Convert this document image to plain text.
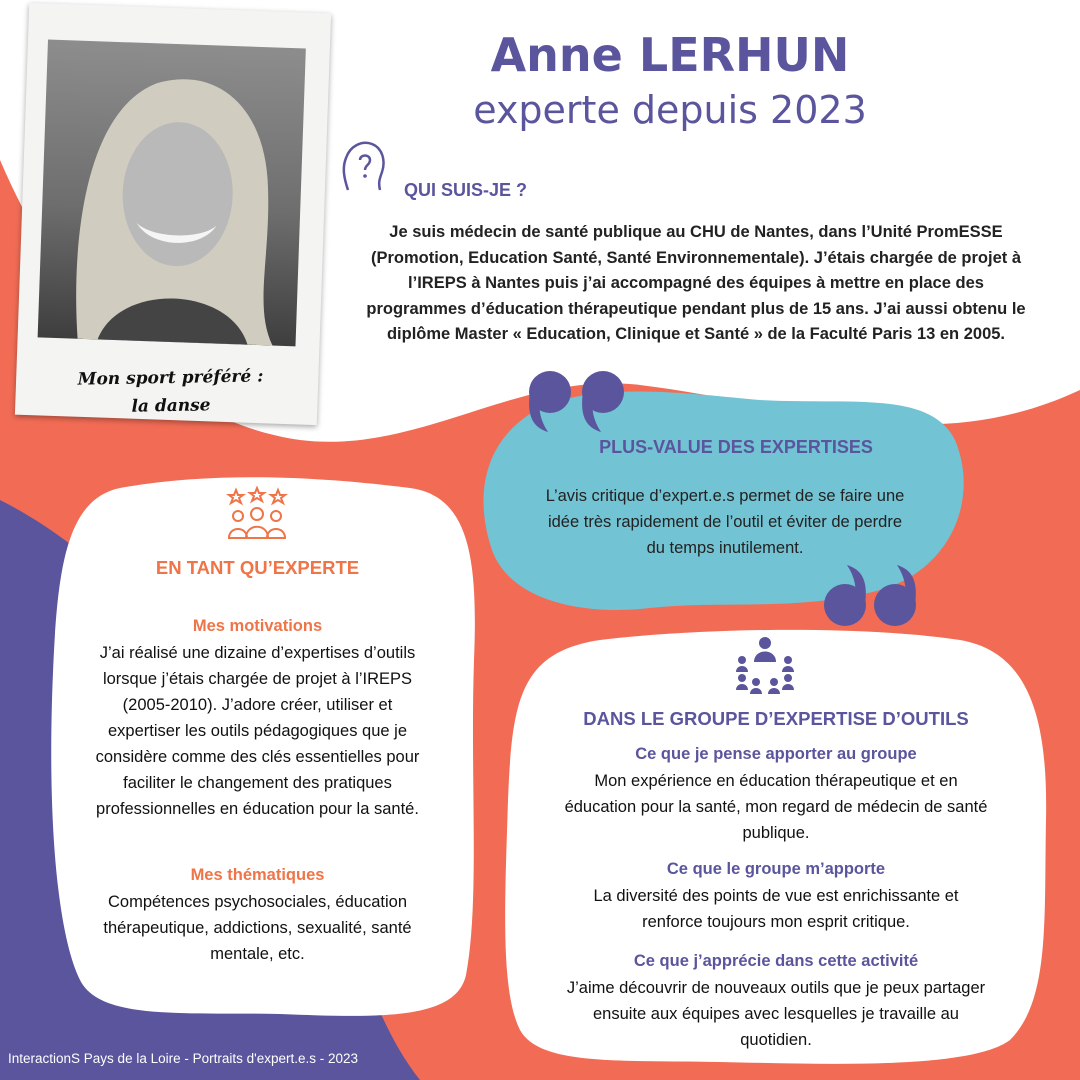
Anne LERHUN
experte depuis 2023
Mon sport préféré :
la danse
QUI SUIS-JE ?
Je suis médecin de santé publique au CHU de Nantes, dans l’Unité PromESSE
(Promotion, Education Santé, Santé Environnementale). J’étais chargée de projet à
l’IREPS à Nantes puis j’ai accompagné des équipes à mettre en place des
programmes d’éducation thérapeutique pendant plus de 15 ans. J’ai aussi obtenu le
diplôme Master « Education, Clinique et Santé » de la Faculté Paris 13 en 2005.
PLUS-VALUE DES EXPERTISES
L’avis critique d’expert.e.s permet de se faire une
idée très rapidement de l’outil et éviter de perdre
du temps inutilement.
EN TANT QU’EXPERTE
Mes motivations
J’ai réalisé une dizaine d’expertises d’outils
lorsque j’étais chargée de projet à l’IREPS
(2005-2010). J’adore créer, utiliser et
expertiser les outils pédagogiques que je
considère comme des clés essentielles pour
faciliter le changement des pratiques
professionnelles en éducation pour la santé.
Mes thématiques
Compétences psychosociales, éducation
thérapeutique, addictions, sexualité, santé
mentale, etc.
DANS LE GROUPE D’EXPERTISE D’OUTILS
Ce que je pense apporter au groupe
Mon expérience en éducation thérapeutique et en
éducation pour la santé, mon regard de médecin de santé
publique.
Ce que le groupe m’apporte
La diversité des points de vue est enrichissante et
renforce toujours mon esprit critique.
Ce que j’apprécie dans cette activité
J’aime découvrir de nouveaux outils que je peux partager
ensuite aux équipes avec lesquelles je travaille au
quotidien.
InteractionS Pays de la Loire - Portraits d'expert.e.s - 2023
